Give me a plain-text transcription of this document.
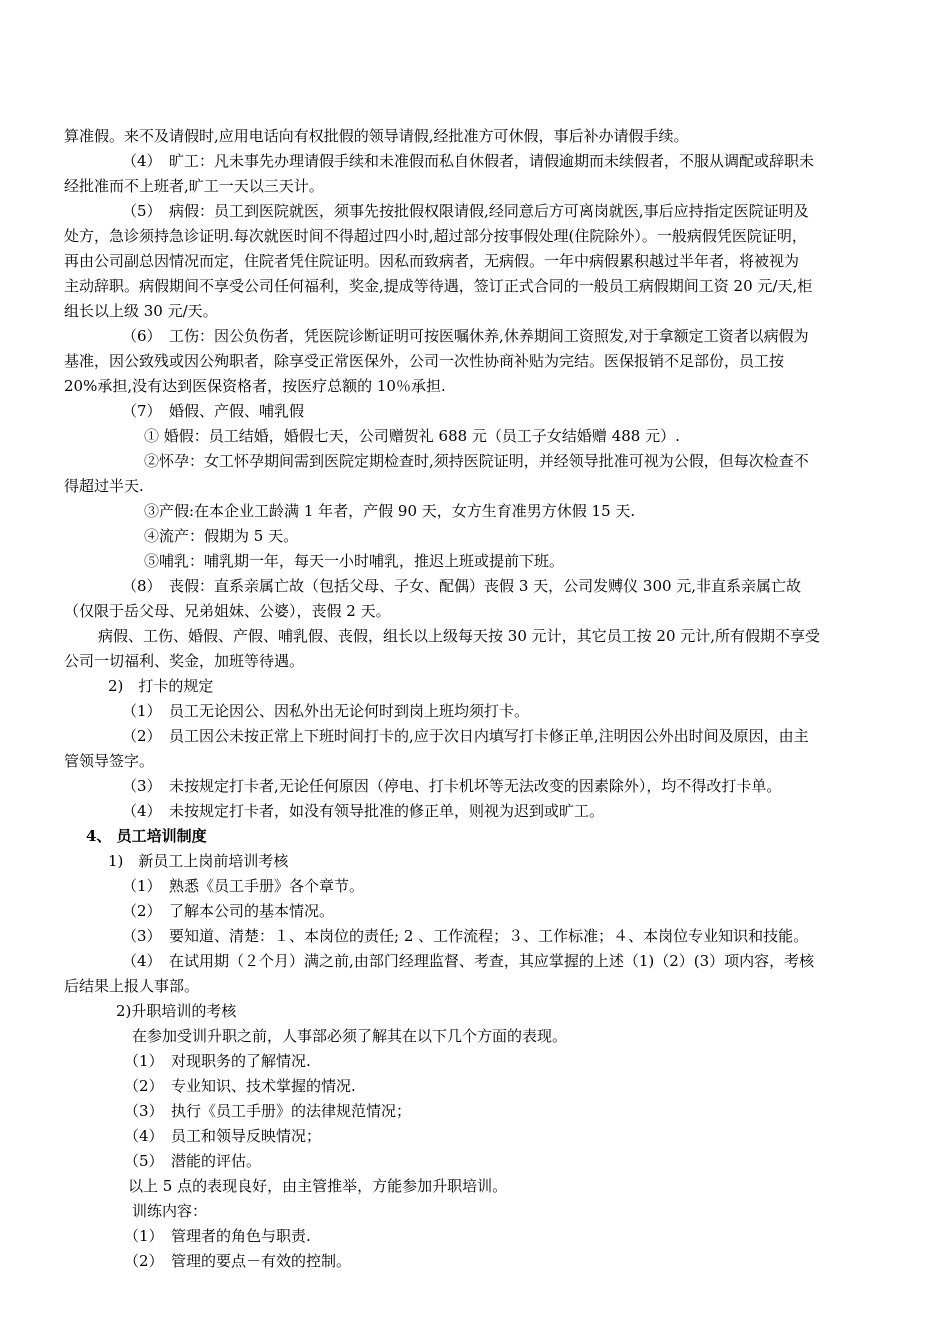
算准假。来不及请假时,应用电话向有权批假的领导请假,经批准方可休假，事后补办请假手续。
（4）　旷工：凡未事先办理请假手续和未准假而私自休假者，请假逾期而未续假者，不服从调配或辞职未
经批准而不上班者,旷工一天以三天计。
（5）　病假：员工到医院就医，须事先按批假权限请假,经同意后方可离岗就医,事后应持指定医院证明及
处方，急诊须持急诊证明.每次就医时间不得超过四小时,超过部分按事假处理(住院除外）。一般病假凭医院证明，
再由公司副总因情况而定，住院者凭住院证明。因私而致病者，无病假。一年中病假累积越过半年者，将被视为
主动辞职。病假期间不享受公司任何福利，奖金,提成等待遇，签订正式合同的一般员工病假期间工资 20 元/天,柜
组长以上级 30 元/天。
（6）　工伤：因公负伤者，凭医院诊断证明可按医嘱休养,休养期间工资照发,对于拿额定工资者以病假为
基准，因公致残或因公殉职者，除享受正常医保外，公司一次性协商补贴为完结。医保报销不足部份，员工按
20%承担,没有达到医保资格者，按医疗总额的 10％承担.
（7）　婚假、产假、哺乳假
① 婚假：员工结婚，婚假七天，公司赠贺礼 688 元（员工子女结婚赠 488 元）.
②怀孕：女工怀孕期间需到医院定期检查时,须持医院证明，并经领导批准可视为公假，但每次检查不
得超过半天.
③产假:在本企业工龄满 1 年者，产假 90 天，女方生育准男方休假 15 天.
④流产：假期为 5 天。
⑤哺乳：哺乳期一年，每天一小时哺乳，推迟上班或提前下班。
（8）　丧假：直系亲属亡故（包括父母、子女、配偶）丧假 3 天，公司发赙仪 300 元,非直系亲属亡故
（仅限于岳父母、兄弟姐妹、公婆），丧假 2 天。
病假、工伤、婚假、产假、哺乳假、丧假，组长以上级每天按 30 元计，其它员工按 20 元计,所有假期不享受
公司一切福利、奖金，加班等待遇。
2)　打卡的规定
（1）　员工无论因公、因私外出无论何时到岗上班均须打卡。
（2）　员工因公未按正常上下班时间打卡的,应于次日内填写打卡修正单,注明因公外出时间及原因，由主
管领导签字。
（3）　未按规定打卡者,无论任何原因（停电、打卡机坏等无法改变的因素除外），均不得改打卡单。
（4）　未按规定打卡者，如没有领导批准的修正单，则视为迟到或旷工。
4、 员工培训制度
1)　新员工上岗前培训考核
（1）　熟悉《员工手册》各个章节。
（2）　了解本公司的基本情况。
（3）　要知道、清楚：１、本岗位的责任; 2 、工作流程；３、工作标准；４、本岗位专业知识和技能。
（4）　在试用期（２个月）满之前,由部门经理监督、考查，其应掌握的上述（1)（2）(3）项内容，考核
后结果上报人事部。
2)升职培训的考核
在参加受训升职之前，人事部必须了解其在以下几个方面的表现。
（1）　对现职务的了解情况.
（2）　专业知识、技术掌握的情况.
（3）　执行《员工手册》的法律规范情况；
（4）　员工和领导反映情况；
（5）　潜能的评估。
以上 5 点的表现良好，由主管推举，方能参加升职培训。
训练内容：
（1）　管理者的角色与职责.
（2）　管理的要点－有效的控制。
